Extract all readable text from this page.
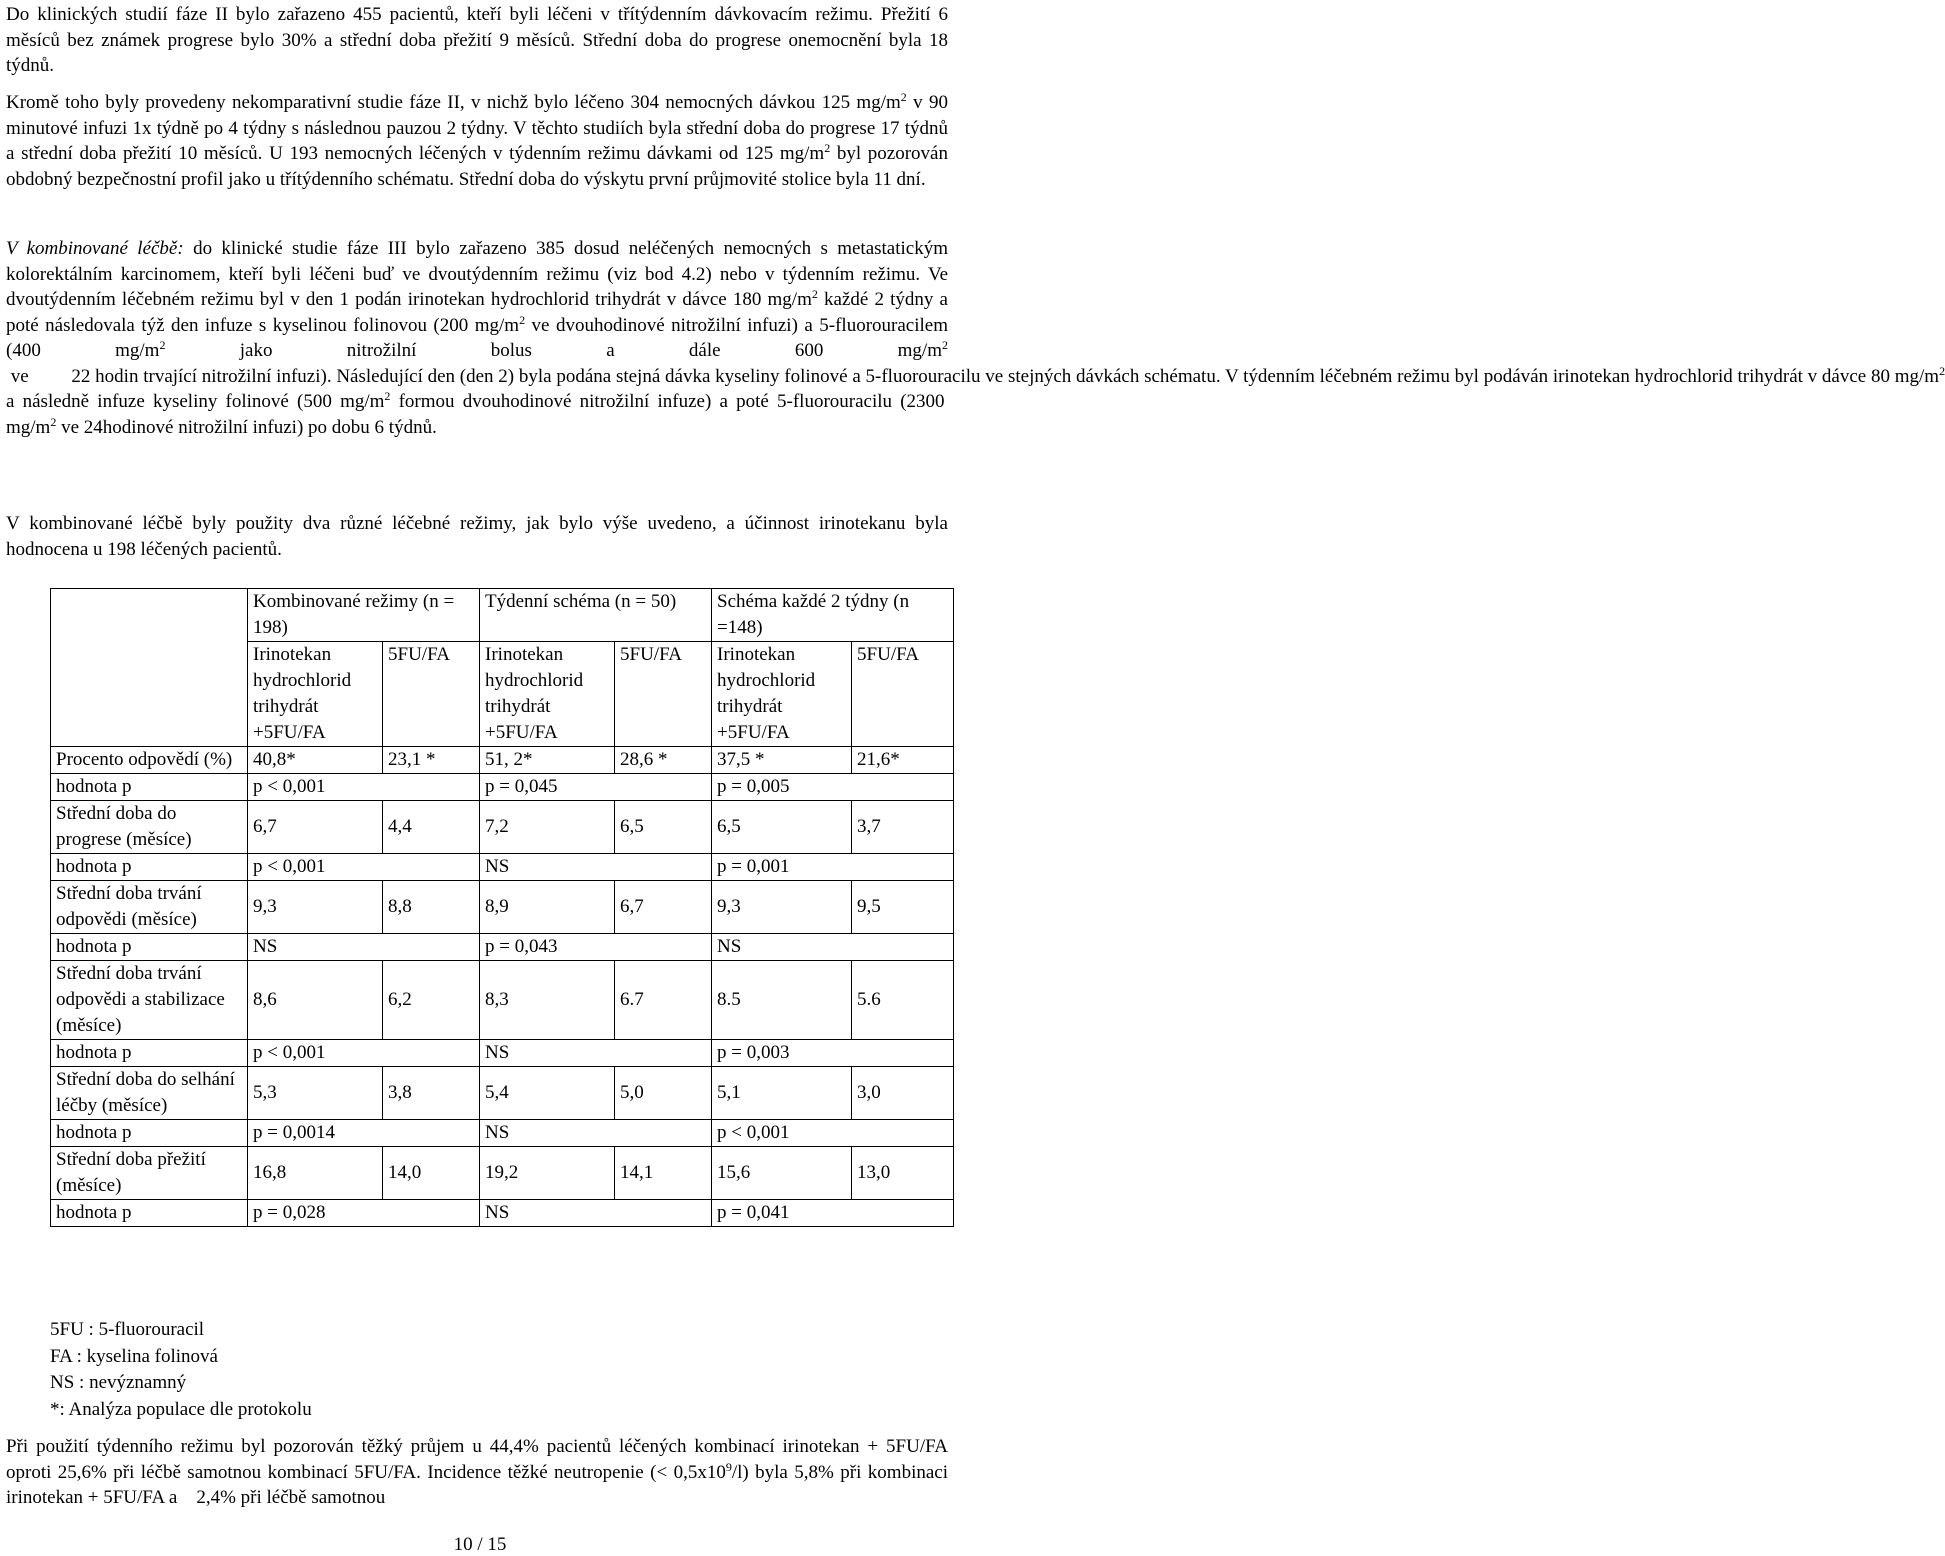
Do klinických studií fáze II bylo zařazeno 455 pacientů, kteří byli léčeni v třítýdenním dávkovacím režimu. Přežití 6 měsíců bez známek progrese bylo 30% a střední doba přežití 9 měsíců. Střední doba do progrese onemocnění byla 18 týdnů.

Kromě toho byly provedeny nekomparativní studie fáze II, v nichž bylo léčeno 304 nemocných dávkou 125 $mg/m^2$ v 90 minutové infuzi 1x týdně po 4 týdny s následnou pauzou 2 týdny. V těchto studiích byla střední doba do progrese 17 týdnů a střední doba přežití 10 měsíců. U 193 nemocných léčených v týdenním režimu dávkami od 125 $mg/m^2$ byl pozorován obdobný bezpečnostní profil jako u třítýdenního schématu. Střední doba do výskytu první průjmovité stolice byla 11 dní.

V kombinované léčbě: do klinické studie fáze III bylo zařazeno 385 dosud neléčených nemocných s metastatickým kolorektálním karcinomem, kteří byli léčeni buď ve dvoutýdenním režimu (viz bod 4.2) nebo v týdenním režimu. Ve dvoutýdenním léčebném režimu byl v den 1 podán irinotekan hydrochlorid trihydrát v dávce 180 $mg/m^2$ každé 2 týdny a poté následovala týž den infuze s kyselinou folinovou (200 $mg/m^2$ ve dvouhodinové nitrožilní infuzi) a 5-fluorouracilem (400 $mg/m^2$ jako nitrožilní bolus a dále 600 $mg/m^2$ ve         22 hodin trvající nitrožilní infuzi). Následující den (den 2) byla podána stejná dávka kyseliny folinové a 5-fluorouracilu ve stejných dávkách schématu. V týdenním léčebném režimu byl podáván irinotekan hydrochlorid trihydrát v dávce 80 $mg/m^2$ a následně infuze kyseliny folinové (500 $mg/m^2$ formou dvouhodinové nitrožilní infuze) a poté 5-fluorouracilu (2300 $mg/m^2$ ve 24hodinové nitrožilní infuzi) po dobu 6 týdnů.

V kombinované léčbě byly použity dva různé léčebné režimy, jak bylo výše uvedeno, a účinnost irinotekanu byla hodnocena u 198 léčených pacientů.

Při použití týdenního režimu byl pozorován těžký průjem u 44,4% pacientů léčených kombinací irinotekan + 5FU/FA oproti 25,6% při léčbě samotnou kombinací 5FU/FA. Incidence těžké neutropenie (< $0,5x10^9/l$) byla 5,8% při kombinaci irinotekan + 5FU/FA a    2,4% při léčbě samotnou

	Kombinované režimy (n = 198)		Týdenní schéma (n = 50)		Schéma každé 2 týdny (n =148)	
	Irinotekan hydrochlorid trihydrát +5FU/FA	5FU/FA	Irinotekan hydrochlorid trihydrát +5FU/FA	5FU/FA	Irinotekan hydrochlorid trihydrát +5FU/FA	5FU/FA
Procento odpovědí (%)	40,8*	23,1 *	51, 2*	28,6 *	37,5 *	21,6*
hodnota p	p < 0,001		p = 0,045		p = 0,005	
Střední doba do progrese (měsíce)	6,7	4,4	7,2	6,5	6,5	3,7
hodnota p	p < 0,001		NS		p = 0,001	
Střední doba trvání odpovědi (měsíce)	9,3	8,8	8,9	6,7	9,3	9,5
hodnota p	NS		p = 0,043		NS	
Střední doba trvání odpovědi a stabilizace (měsíce)	8,6	6,2	8,3	6.7	8.5	5.6
hodnota p	p < 0,001		NS		p = 0,003	
Střední doba do selhání léčby (měsíce)	5,3	3,8	5,4	5,0	5,1	3,0
hodnota p	p = 0,0014		NS		p < 0,001	
Střední doba přežití (měsíce)	16,8	14,0	19,2	14,1	15,6	13,0
hodnota p	p = 0,028		NS		p = 0,041	
5FU : 5-fluorouracil
FA : kyselina folinová
NS : nevýznamný
*: Analýza populace dle protokolu
10 / 15
